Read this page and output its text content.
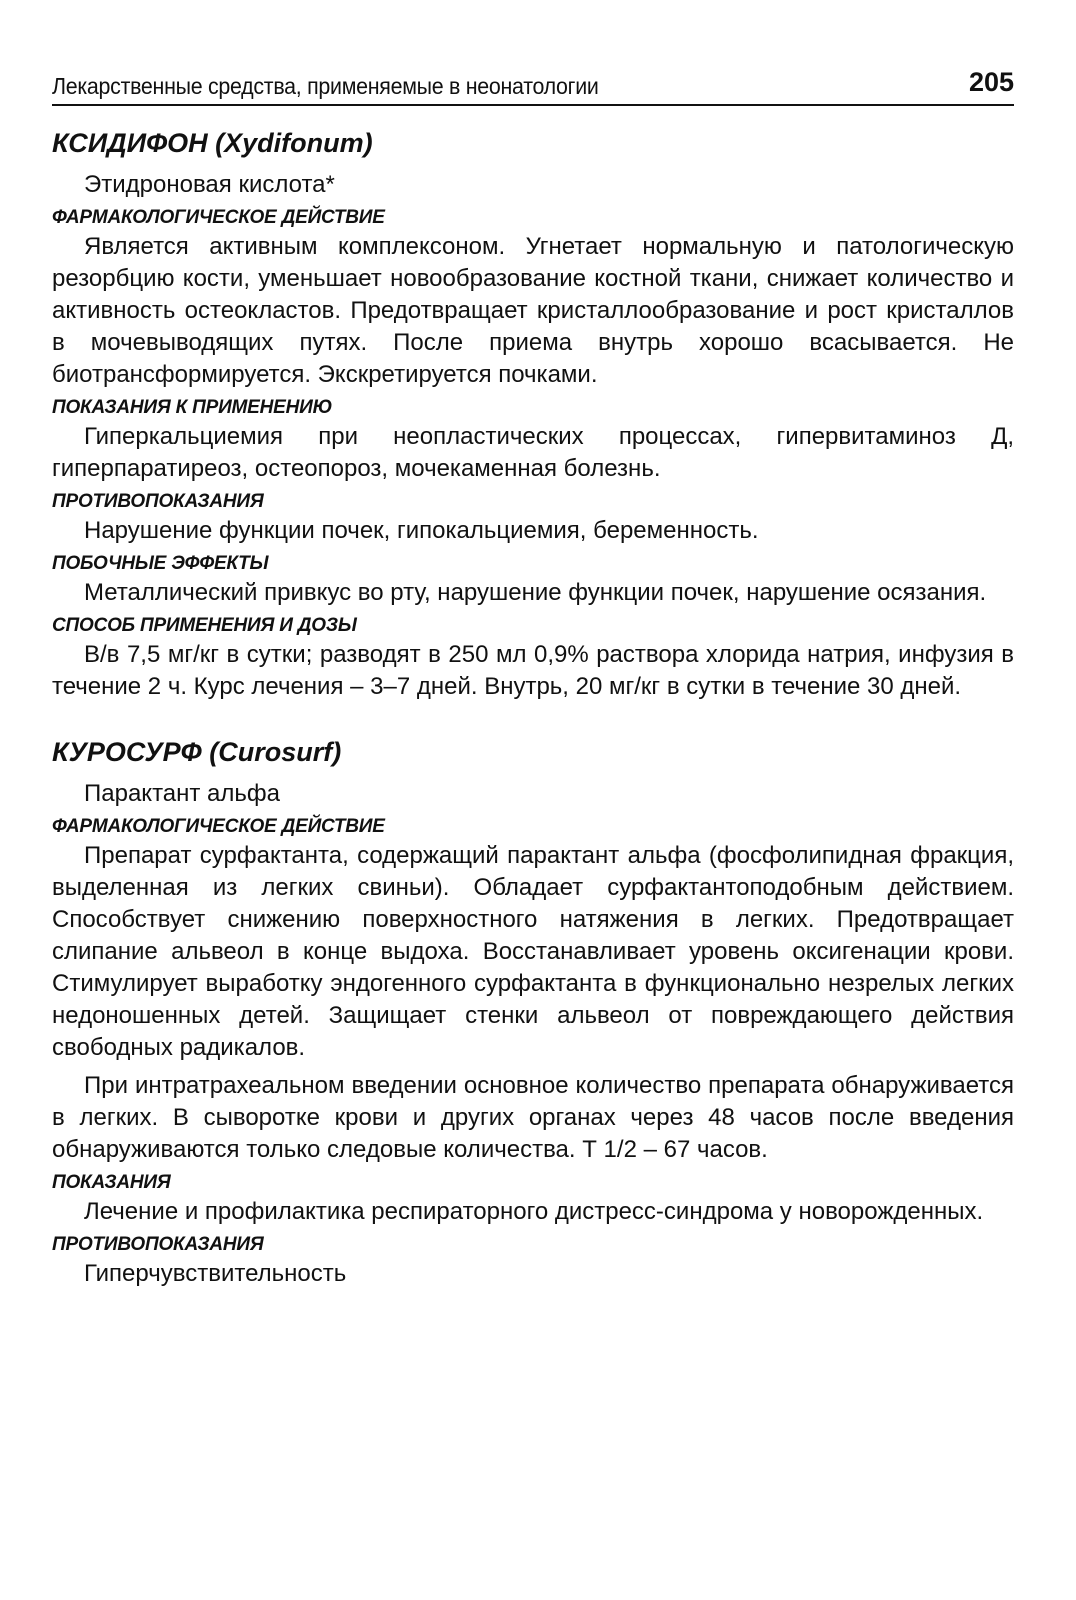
Лекарственные средства, применяемые в неонатологии	205
КСИДИФОН (Xydifonum)
Этидроновая кислота*
ФАРМАКОЛОГИЧЕСКОЕ ДЕЙСТВИЕ

Является активным комплексоном. Угнетает нормальную и патологическую резорбцию кости, уменьшает новообразование костной ткани, снижает количество и активность остеокластов. Предотвращает кристаллообразование и рост кристаллов в мочевыводящих путях. После приема внутрь хорошо всасывается. Не биотрансформируется. Экскретируется почками.

ПОКАЗАНИЯ К ПРИМЕНЕНИЮ

Гиперкальциемия при неопластических процессах, гипервитаминоз Д, гиперпаратиреоз, остеопороз, мочекаменная болезнь.

ПРОТИВОПОКАЗАНИЯ

Нарушение функции почек, гипокальциемия, беременность.

ПОБОЧНЫЕ ЭФФЕКТЫ

Металлический привкус во рту, нарушение функции почек, нарушение осязания.

СПОСОБ ПРИМЕНЕНИЯ И ДОЗЫ

В/в 7,5 мг/кг в сутки; разводят в 250 мл 0,9% раствора хлорида натрия, инфузия в течение 2 ч. Курс лечения – 3–7 дней. Внутрь, 20 мг/кг в сутки в течение 30 дней.

КУРОСУРФ (Curosurf)
Парактант альфа
ФАРМАКОЛОГИЧЕСКОЕ ДЕЙСТВИЕ

Препарат сурфактанта, содержащий парактант альфа (фосфолипидная фракция, выделенная из легких свиньи). Обладает сурфактантоподобным действием. Способствует снижению поверхностного натяжения в легких. Предотвращает слипание альвеол в конце выдоха. Восстанавливает уровень оксигенации крови. Стимулирует выработку эндогенного сурфактанта в функционально незрелых легких недоношенных детей. Защищает стенки альвеол от повреждающего действия свободных радикалов.

При интратрахеальном введении основное количество препарата обнаруживается в легких. В сыворотке крови и других органах через 48 часов после введения обнаруживаются только следовые количества. Т 1/2 – 67 часов.

ПОКАЗАНИЯ

Лечение и профилактика респираторного дистресс-синдрома у новорожденных.

ПРОТИВОПОКАЗАНИЯ

Гиперчувствительность
